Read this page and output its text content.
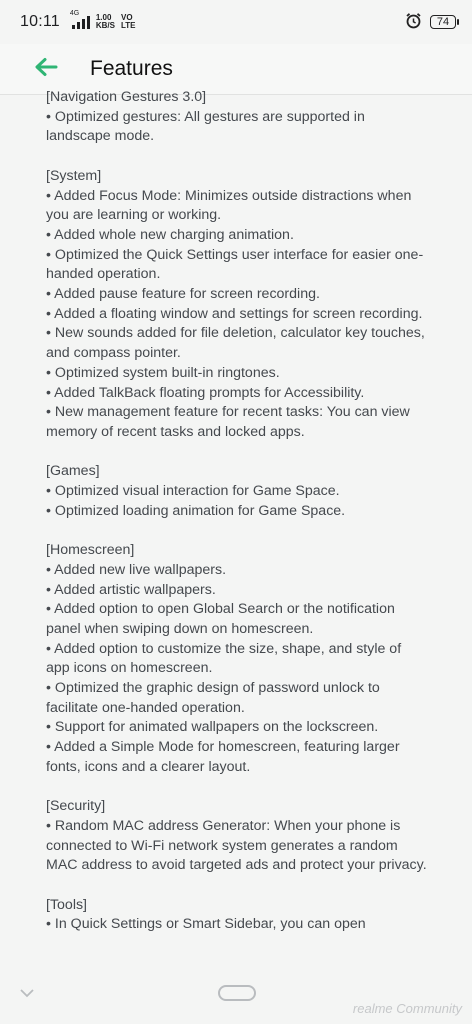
10:11 4G 1.00
KB/S
VO
LTE	74
Features

[Navigation Gestures 3.0]

• Optimized gestures: All gestures are supported in

landscape mode.

[System]

• Added Focus Mode: Minimizes outside distractions when

you are learning or working.

• Added whole new charging animation.

• Optimized the Quick Settings user interface for easier one-

handed operation.

• Added pause feature for screen recording.

• Added a floating window and settings for screen recording.

• New sounds added for file deletion, calculator key touches,

and compass pointer.

• Optimized system built-in ringtones.

• Added TalkBack floating prompts for Accessibility.

• New management feature for recent tasks: You can view

memory of recent tasks and locked apps.

[Games]

• Optimized visual interaction for Game Space.

• Optimized loading animation for Game Space.

[Homescreen]

• Added new live wallpapers.

• Added artistic wallpapers.

• Added option to open Global Search or the notification

panel when swiping down on homescreen.

• Added option to customize the size, shape, and style of

app icons on homescreen.

• Optimized the graphic design of password unlock to

facilitate one-handed operation.

• Support for animated wallpapers on the lockscreen.

• Added a Simple Mode for homescreen, featuring larger

fonts, icons and a clearer layout.

[Security]

• Random MAC address Generator: When your phone is

connected to Wi-Fi network system generates a random

MAC address to avoid targeted ads and protect your privacy.

[Tools]

• In Quick Settings or Smart Sidebar, you can open

realme Community
